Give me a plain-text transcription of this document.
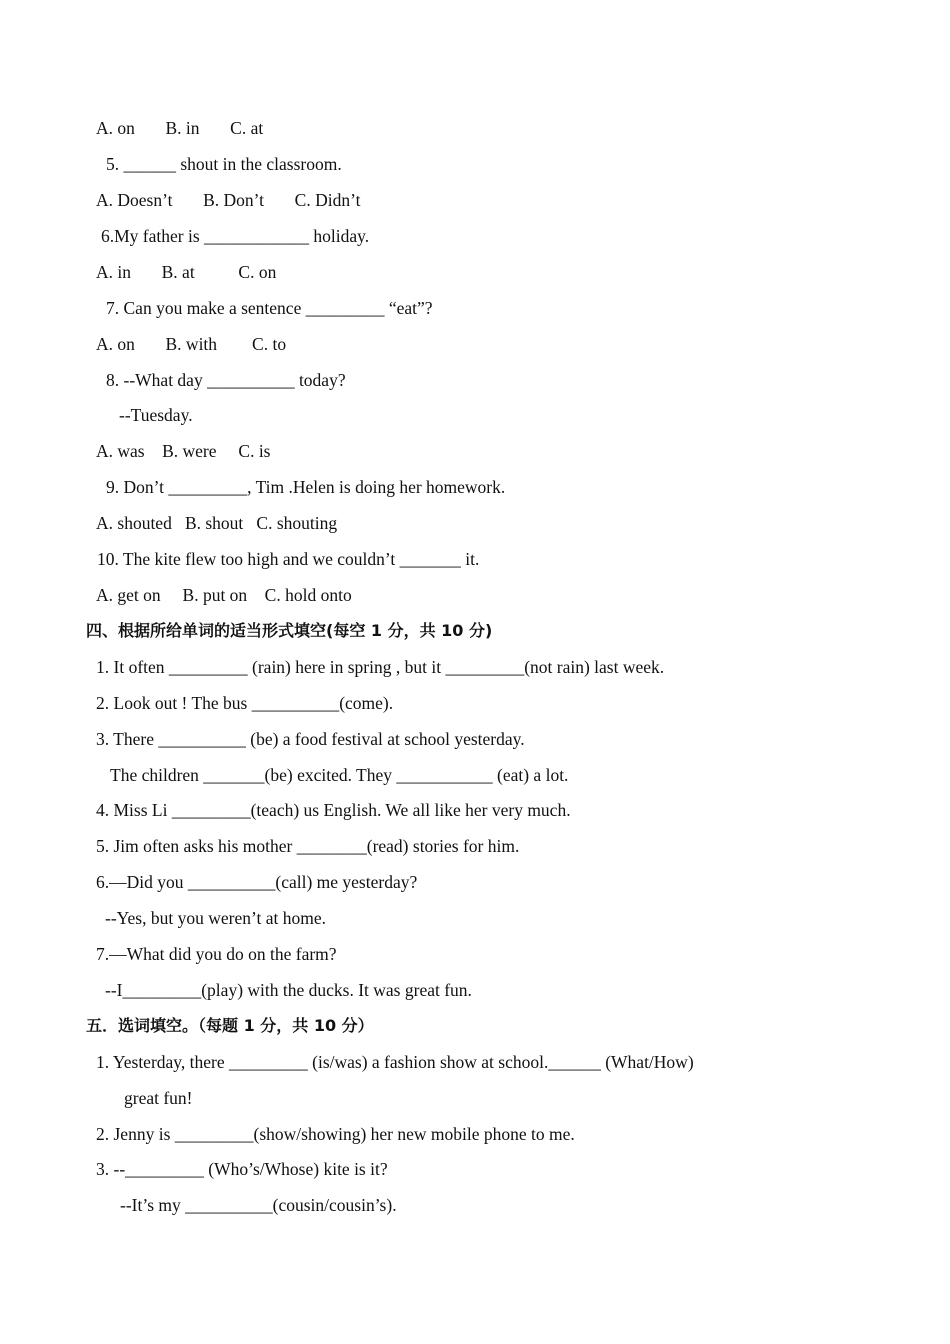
A. on       B. in       C. at
5. ______ shout in the classroom.
A. Doesn’t       B. Don’t       C. Didn’t
6.My father is ____________ holiday.
A. in       B. at          C. on
7. Can you make a sentence _________ “eat”?
A. on       B. with        C. to
8. --What day __________ today?
--Tuesday.
A. was    B. were     C. is
9. Don’t _________, Tim .Helen is doing her homework.
A. shouted   B. shout   C. shouting
10. The kite flew too high and we couldn’t _______ it.
A. get on     B. put on    C. hold onto
四、根据所给单词的适当形式填空(每空 1 分，共 10 分)
1. It often _________ (rain) here in spring , but it _________(not rain) last week.
2. Look out ! The bus __________(come).
3. There __________ (be) a food festival at school yesterday.
The children _______(be) excited. They ___________ (eat) a lot.
4. Miss Li _________(teach) us English. We all like her very much.
5. Jim often asks his mother ________(read) stories for him.
6.—Did you __________(call) me yesterday?
--Yes, but you weren’t at home.
7.—What did you do on the farm?
--I_________(play) with the ducks. It was great fun.
五．选词填空。（每题 1 分，共 10 分）
1. Yesterday, there _________ (is/was) a fashion show at school.______ (What/How)
great fun!
2. Jenny is _________(show/showing) her new mobile phone to me.
3. --_________ (Who’s/Whose) kite is it?
--It’s my __________(cousin/cousin’s).
